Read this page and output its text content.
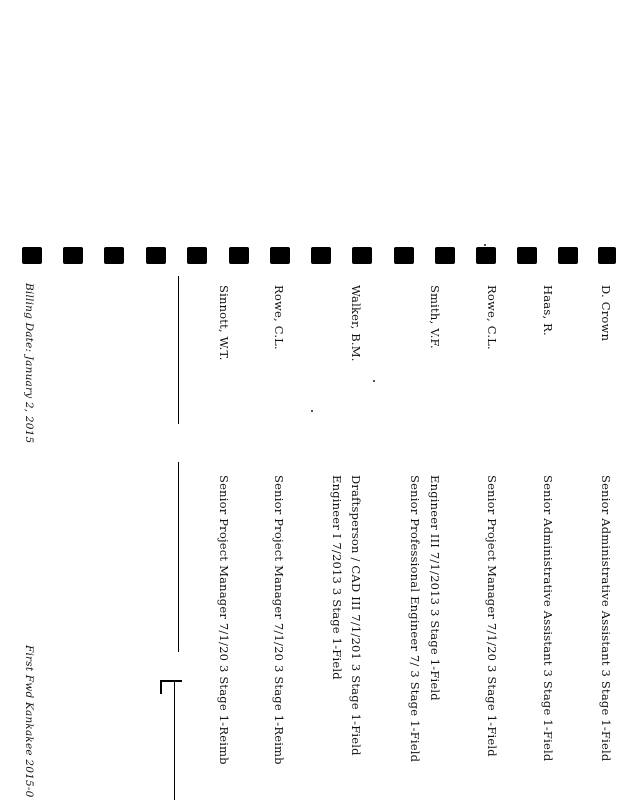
Billing Date: January 2, 2015
First Fwd Kankakee 2015-0
D. Crown
Haas, R.
Rowe, C.L.
Smith, V.F.
Walker, B.M.
Rowe, C.L.
Sinnott, W.T.
Senior Administrative Assistant 3 Stage 1-Field
Senior Administrative Assistant 3 Stage 1-Field
Senior Project Manager 7/1/20 3 Stage 1-Field
Engineer III 7/1/2013 3 Stage 1-Field
Senior Professional Engineer 7/ 3 Stage 1-Field
Draftsperson / CAD III 7/1/201 3 Stage 1-Field
Engineer I 7/2013 3 Stage 1-Field
Senior Project Manager 7/1/20 3 Stage 1-Reimb
Senior Project Manager 7/1/20 3 Stage 1-Reimb
